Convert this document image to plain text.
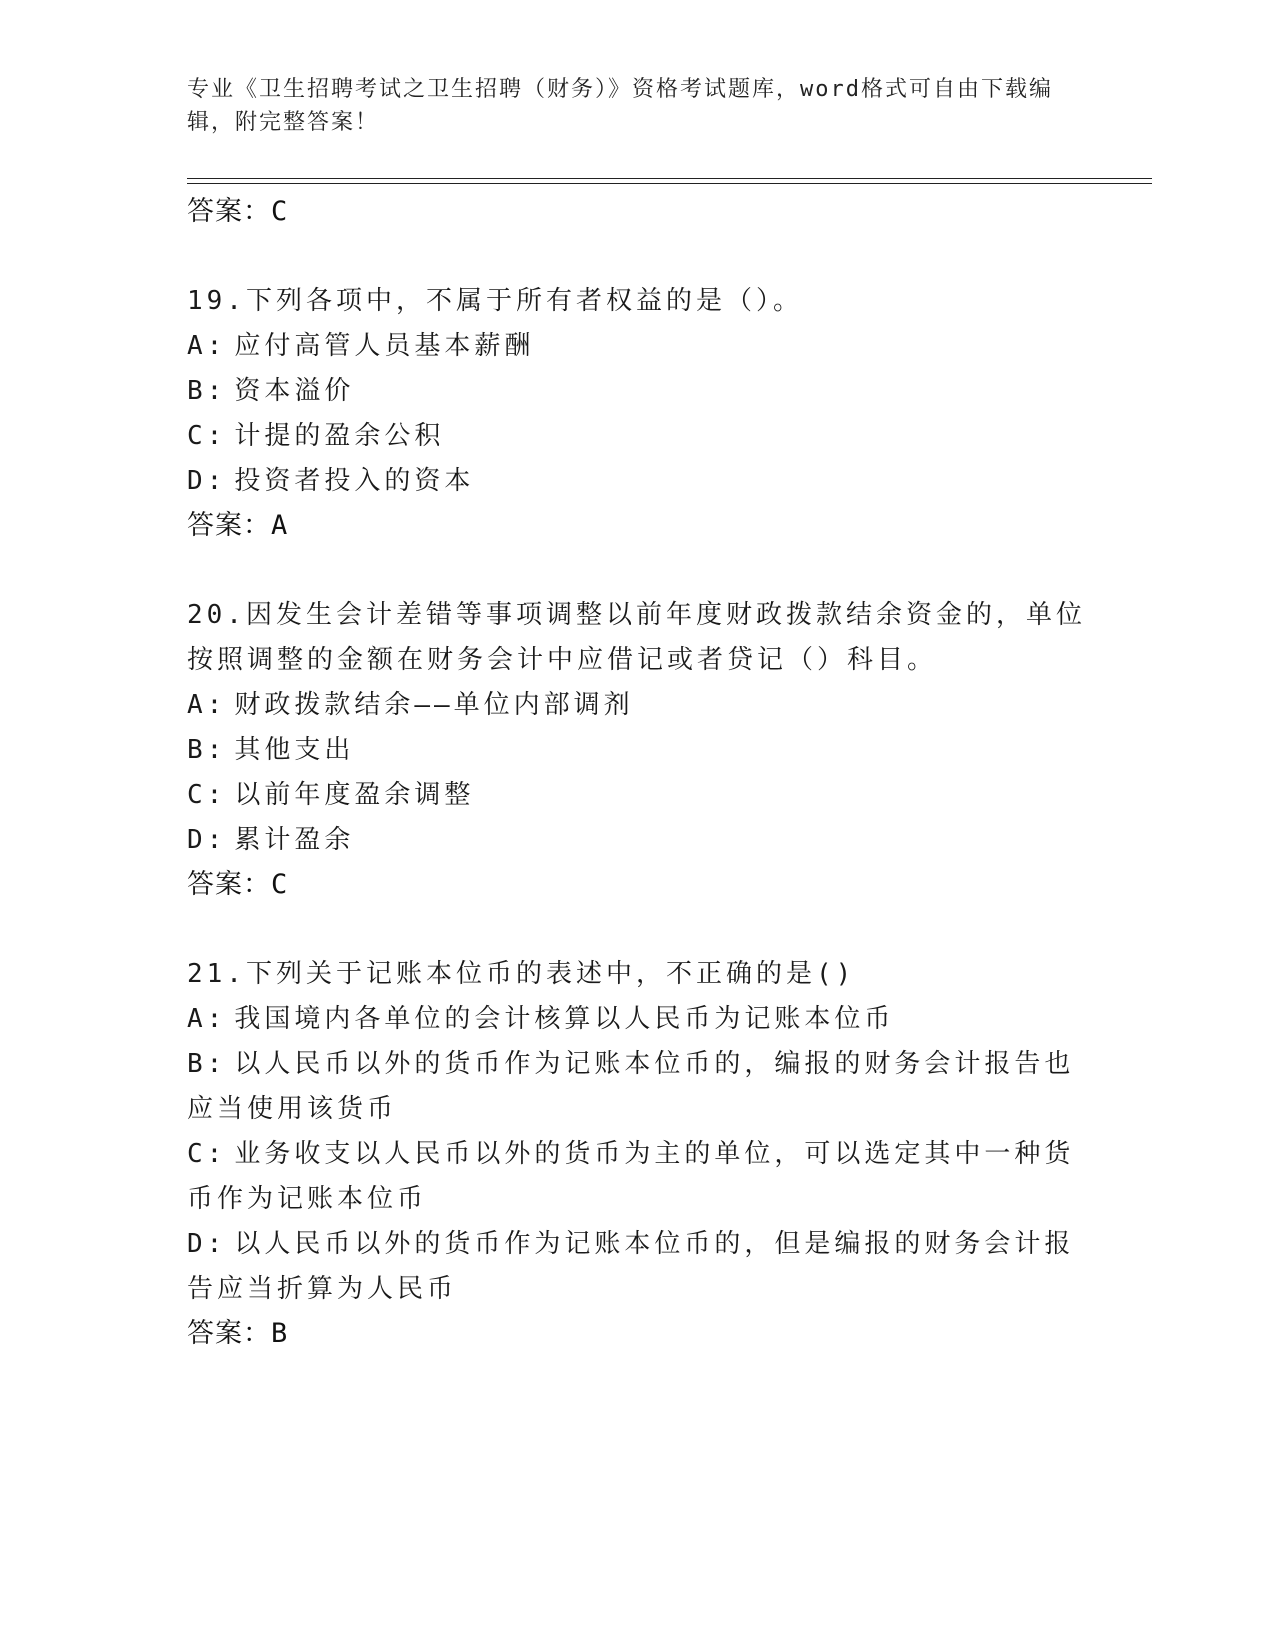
专业《卫生招聘考试之卫生招聘（财务）》资格考试题库，word格式可自由下载编辑，附完整答案！

答案：C

19.下列各项中，不属于所有者权益的是（）。

A: 应付高管人员基本薪酬

B: 资本溢价

C: 计提的盈余公积

D: 投资者投入的资本

答案：A

20.因发生会计差错等事项调整以前年度财政拨款结余资金的，单位按照调整的金额在财务会计中应借记或者贷记（）科目。

A: 财政拨款结余——单位内部调剂

B: 其他支出

C: 以前年度盈余调整

D: 累计盈余

答案：C

21.下列关于记账本位币的表述中，不正确的是()

A: 我国境内各单位的会计核算以人民币为记账本位币

B: 以人民币以外的货币作为记账本位币的，编报的财务会计报告也应当使用该货币

C: 业务收支以人民币以外的货币为主的单位，可以选定其中一种货币作为记账本位币

D: 以人民币以外的货币作为记账本位币的，但是编报的财务会计报告应当折算为人民币

答案：B
